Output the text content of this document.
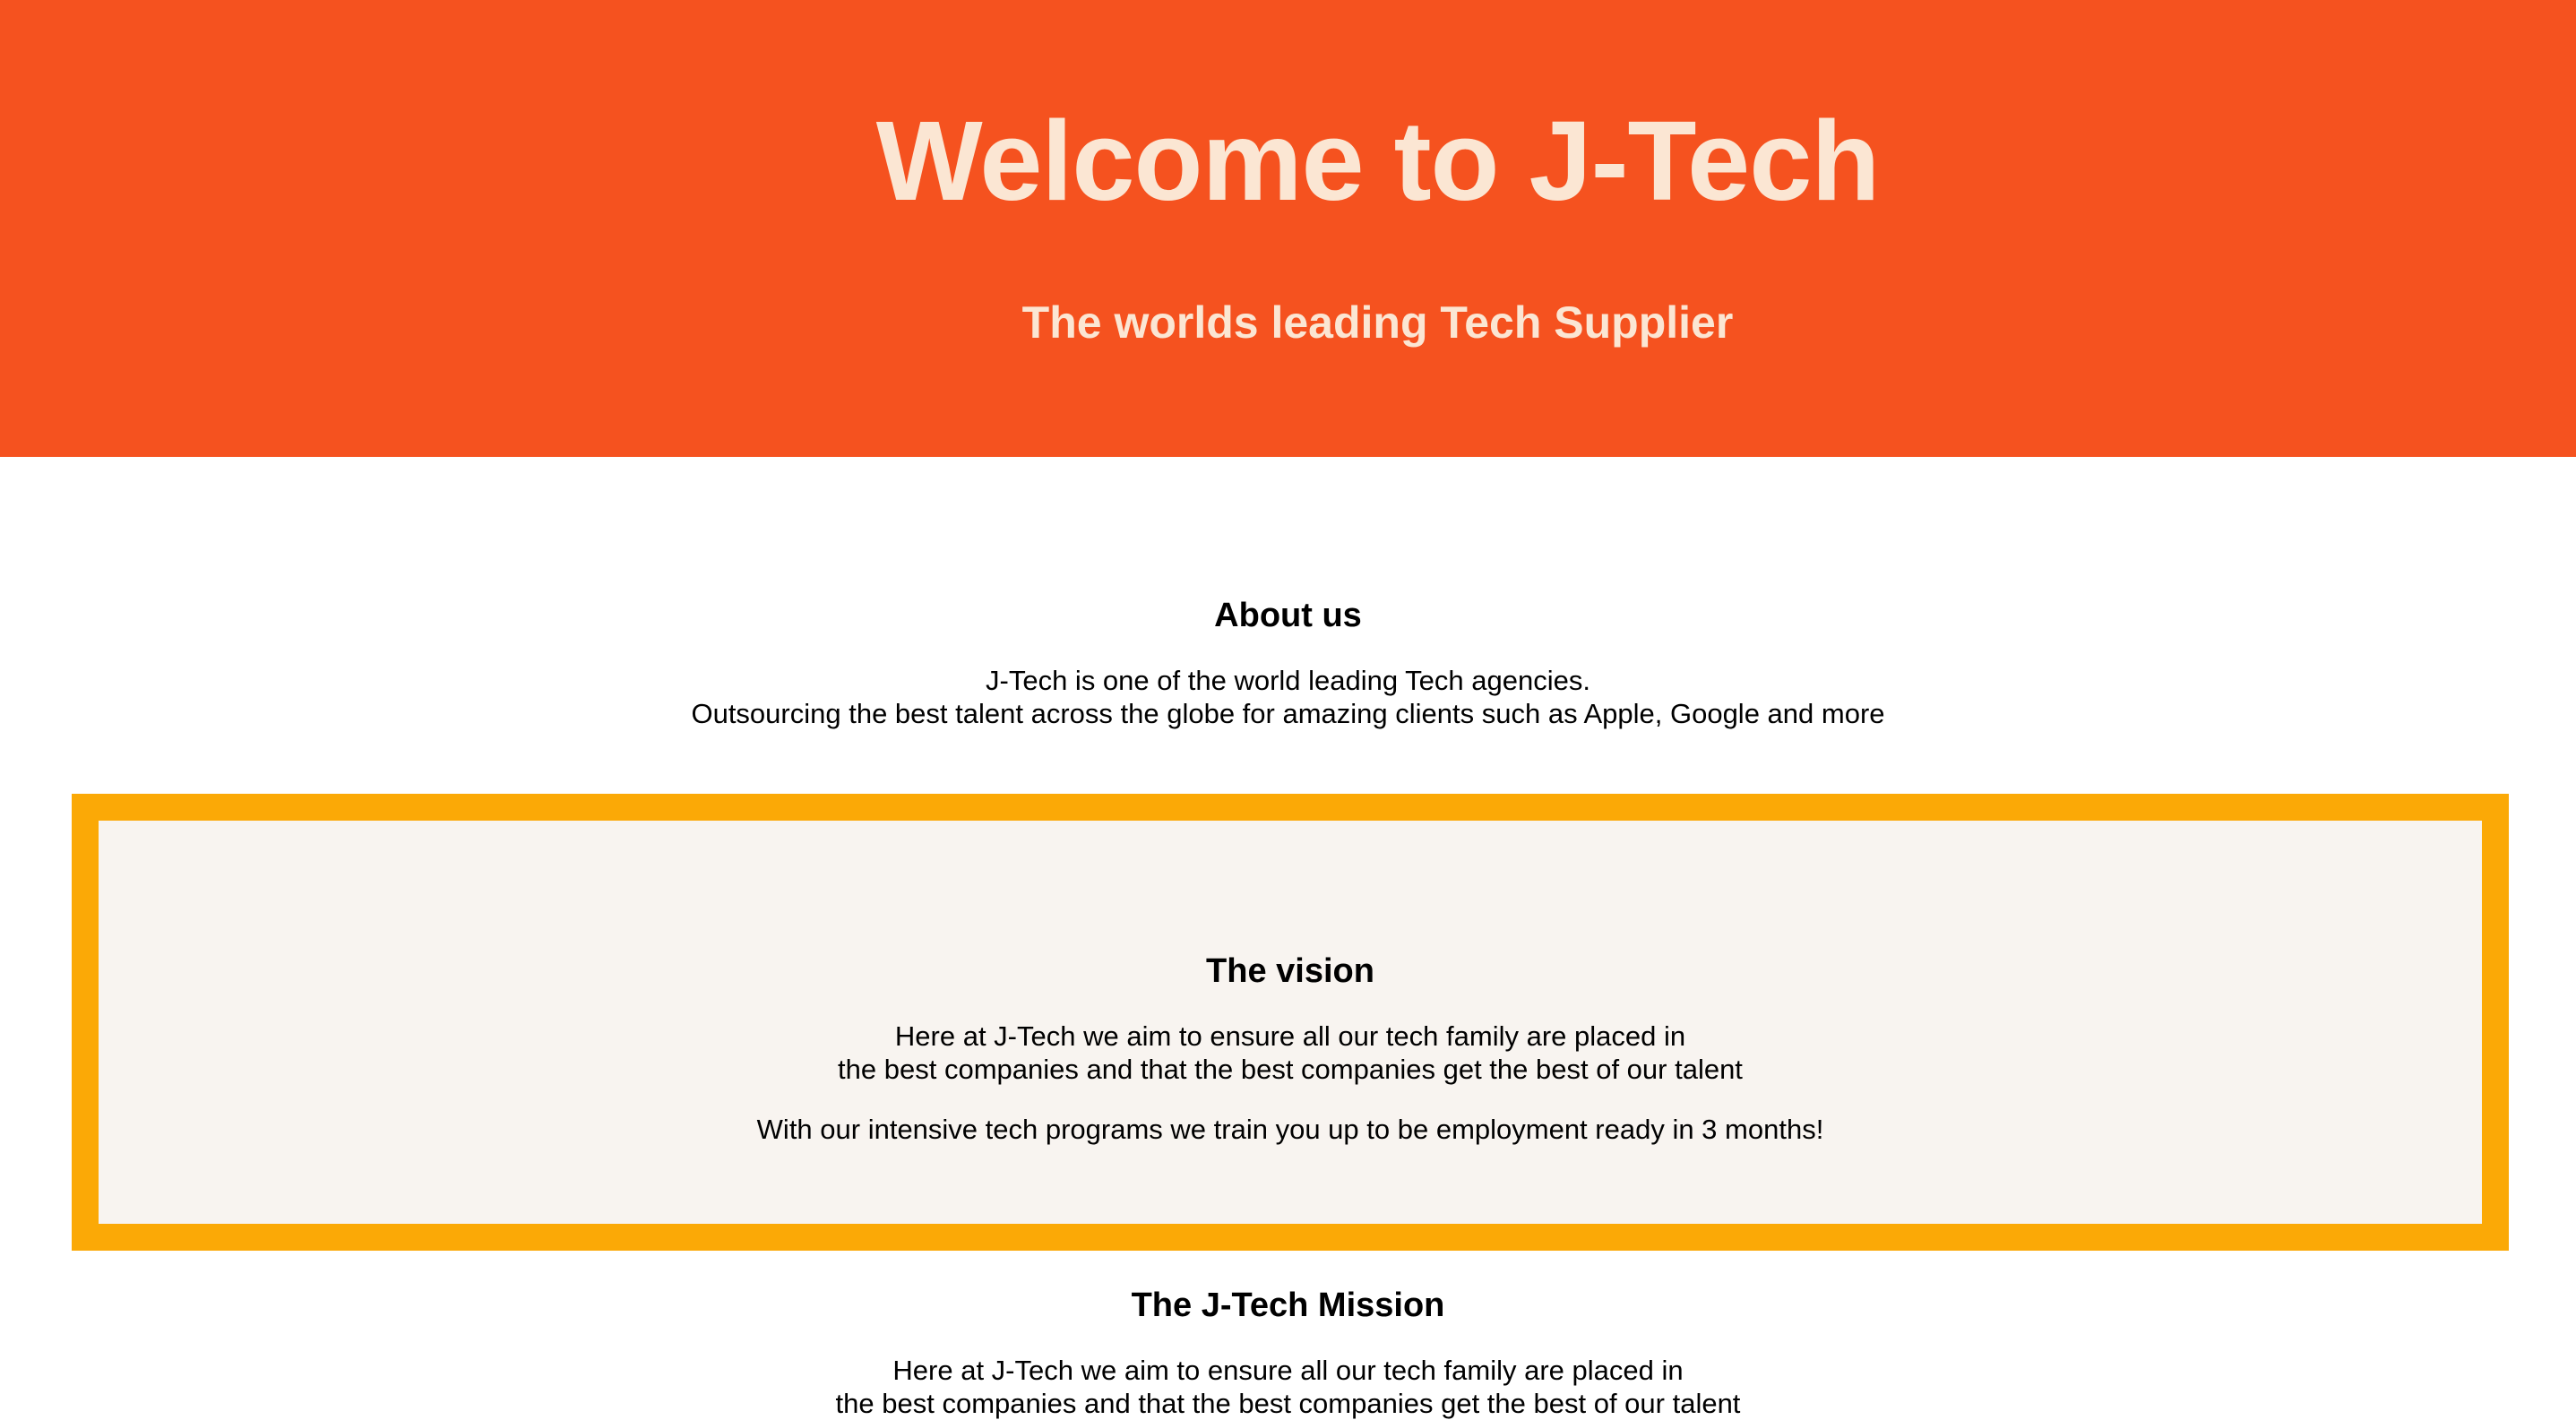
Welcome to J-Tech
The worlds leading Tech Supplier
About us

J-Tech is one of the world leading Tech agencies.
Outsourcing the best talent across the globe for amazing clients such as Apple, Google and more

The vision

Here at J-Tech we aim to ensure all our tech family are placed in
the best companies and that the best companies get the best of our talent

With our intensive tech programs we train you up to be employment ready in 3 months!

The J-Tech Mission

Here at J-Tech we aim to ensure all our tech family are placed in
the best companies and that the best companies get the best of our talent
